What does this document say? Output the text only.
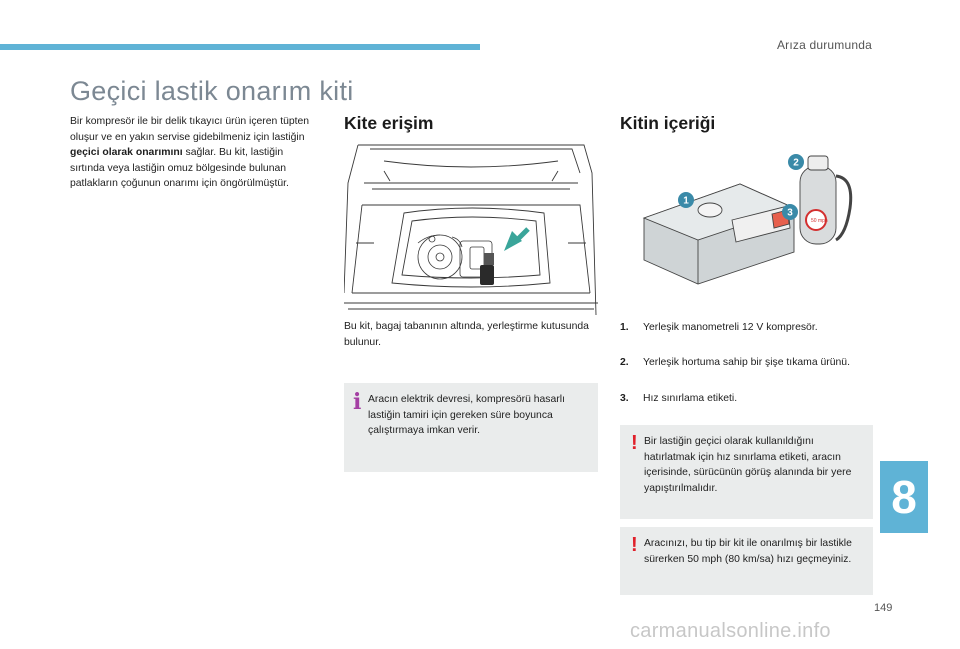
Arıza durumunda
Geçici lastik onarım kiti
Bir kompresör ile bir delik tıkayıcı ürün içeren tüpten oluşur ve en yakın servise gidebilmeniz için lastiğin geçici olarak onarımını sağlar. Bu kit, lastiğin sırtında veya lastiğin omuz bölgesinde bulunan patlakların çoğunun onarımı için öngörülmüştür.
Kite erişim	Kitin içeriği
50 mph
1
2
3
Bu kit, bagaj tabanının altında, yerleştirme kutusunda bulunur.
i Aracın elektrik devresi, kompresörü hasarlı lastiğin tamiri için gereken süre boyunca çalıştırmaya imkan verir.
1. Yerleşik manometreli 12 V kompresör.
2. Yerleşik hortuma sahip bir şişe tıkama ürünü.
3. Hız sınırlama etiketi.
! Bir lastiğin geçici olarak kullanıldığını hatırlatmak için hız sınırlama etiketi, aracın içerisinde, sürücünün görüş alanında bir yere yapıştırılmalıdır.
! Aracınızı, bu tip bir kit ile onarılmış bir lastikle sürerken 50 mph (80 km/sa) hızı geçmeyiniz.
8
149
carmanualsonline.info
